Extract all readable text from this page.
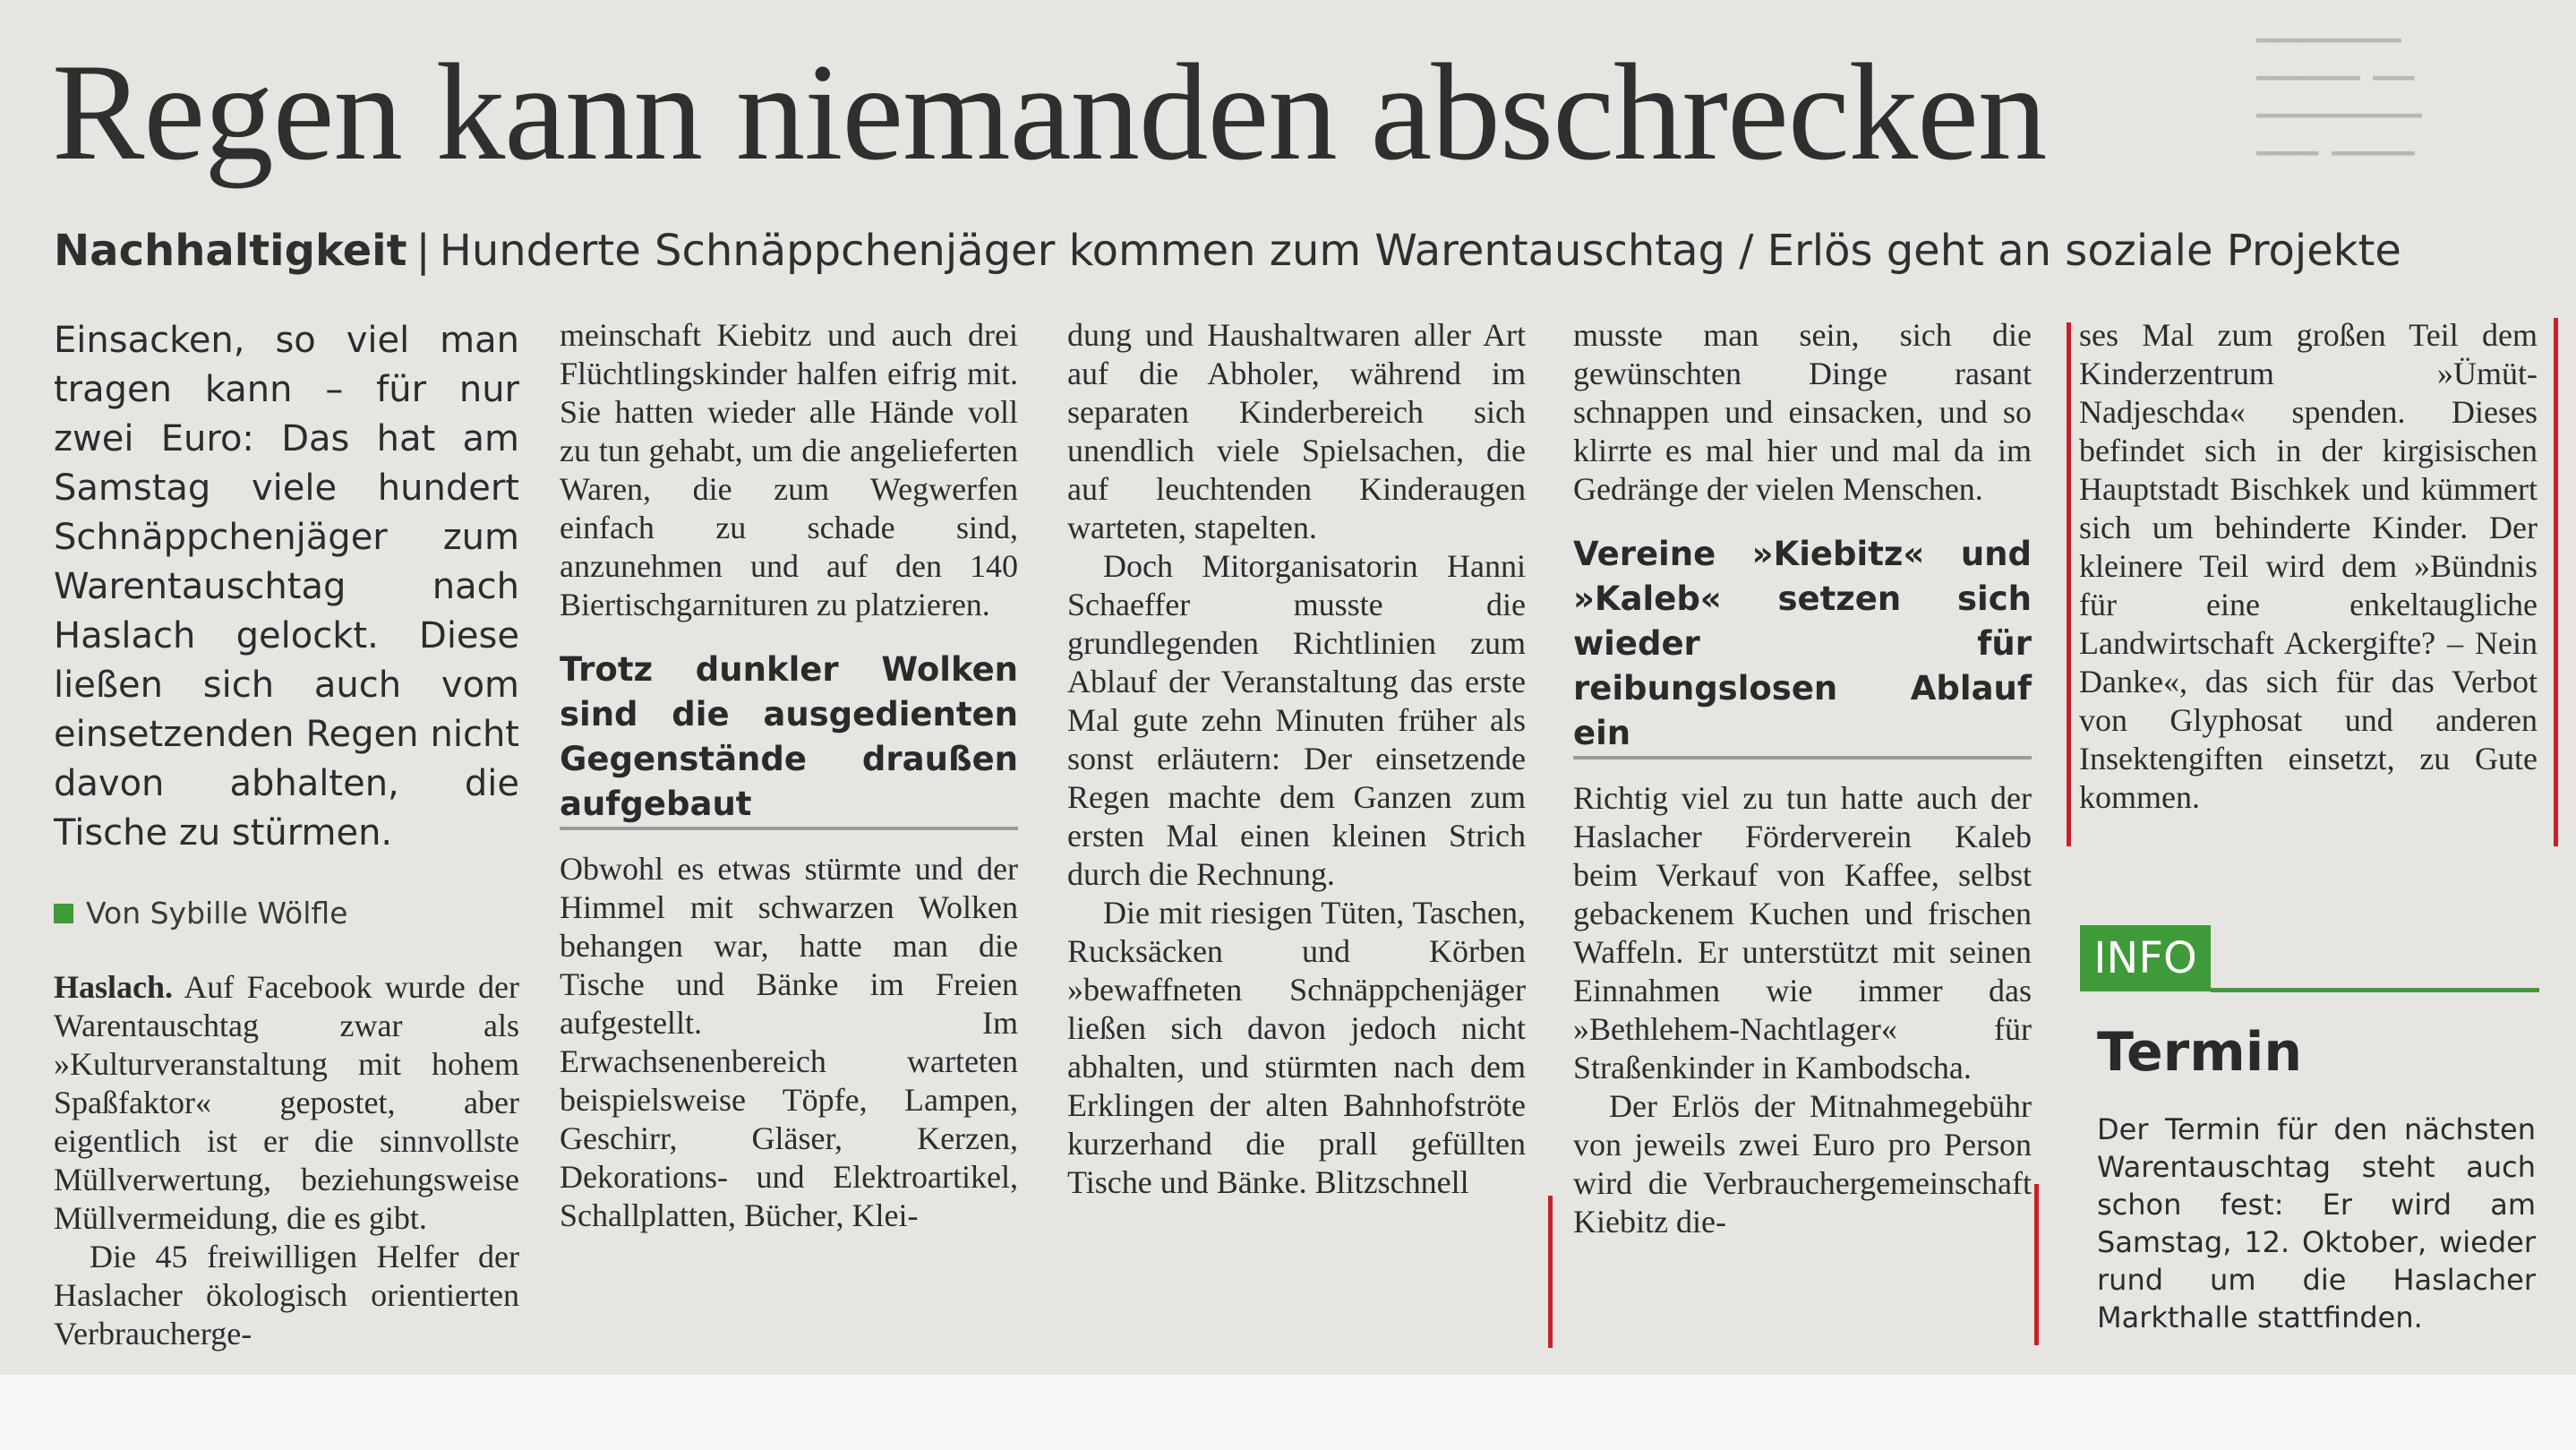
▁▁▁▁▁▁▁
▁▁▁▁▁  ▁▁
▁▁▁▁▁▁▁▁
▁▁▁  ▁▁▁▁
Regen kann niemanden abschrecken
Nachhaltigkeit | Hunderte Schnäppchenjäger kommen zum Warentauschtag / Erlös geht an soziale Projekte

Einsacken, so viel man tragen kann – für nur zwei Euro: Das hat am Samstag viele hundert Schnäppchenjäger zum Warentauschtag nach Haslach gelockt. Diese ließen sich auch vom einsetzenden Regen nicht davon abhalten, die Tische zu stürmen.

Von Sybille Wölfle

Haslach. Auf Facebook wurde der Warentauschtag zwar als »Kulturveranstaltung mit hohem Spaßfaktor« gepostet, aber eigentlich ist er die sinnvollste Müllverwertung, beziehungsweise Müllvermeidung, die es gibt.

Die 45 freiwilligen Helfer der Haslacher ökologisch orientierten Verbraucherge-

meinschaft Kiebitz und auch drei Flüchtlingskinder halfen eifrig mit. Sie hatten wieder alle Hände voll zu tun gehabt, um die angelieferten Waren, die zum Wegwerfen einfach zu schade sind, anzunehmen und auf den 140 Biertischgarnituren zu platzieren.

Trotz dunkler Wolken sind die ausgedienten Gegenstände draußen aufgebaut

Obwohl es etwas stürmte und der Himmel mit schwarzen Wolken behangen war, hatte man die Tische und Bänke im Freien aufgestellt. Im Erwachsenenbereich warteten beispielsweise Töpfe, Lampen, Geschirr, Gläser, Kerzen, Dekorations- und Elektroartikel, Schallplatten, Bücher, Klei-

dung und Haushaltwaren aller Art auf die Abholer, während im separaten Kinderbereich sich unendlich viele Spielsachen, die auf leuchtenden Kinderaugen warteten, stapelten.

Doch Mitorganisatorin Hanni Schaeffer musste die grundlegenden Richtlinien zum Ablauf der Veranstaltung das erste Mal gute zehn Minuten früher als sonst erläutern: Der einsetzende Regen machte dem Ganzen zum ersten Mal einen kleinen Strich durch die Rechnung.

Die mit riesigen Tüten, Taschen, Rucksäcken und Körben »bewaffneten Schnäppchenjäger ließen sich davon jedoch nicht abhalten, und stürmten nach dem Erklingen der alten Bahnhofströte kurzerhand die prall gefüllten Tische und Bänke. Blitzschnell

musste man sein, sich die gewünschten Dinge rasant schnappen und einsacken, und so klirrte es mal hier und mal da im Gedränge der vielen Menschen.

Vereine »Kiebitz« und »Kaleb« setzen sich wieder für reibungslosen Ablauf ein

Richtig viel zu tun hatte auch der Haslacher Förderverein Kaleb beim Verkauf von Kaffee, selbst gebackenem Kuchen und frischen Waffeln. Er unterstützt mit seinen Einnahmen wie immer das »Bethlehem-Nachtlager« für Straßenkinder in Kambodscha.

Der Erlös der Mitnahmegebühr von jeweils zwei Euro pro Person wird die Verbrauchergemeinschaft Kiebitz die-

ses Mal zum großen Teil dem Kinderzentrum »Ümüt-Nadjeschda« spenden. Dieses befindet sich in der kirgisischen Hauptstadt Bischkek und kümmert sich um behinderte Kinder. Der kleinere Teil wird dem »Bündnis für eine enkeltaugliche Landwirtschaft Ackergifte? – Nein Danke«, das sich für das Verbot von Glyphosat und anderen Insektengiften einsetzt, zu Gute kommen.

INFO
Termin

Der Termin für den nächsten Warentauschtag steht auch schon fest: Er wird am Samstag, 12. Oktober, wieder rund um die Haslacher Markthalle stattfinden.
